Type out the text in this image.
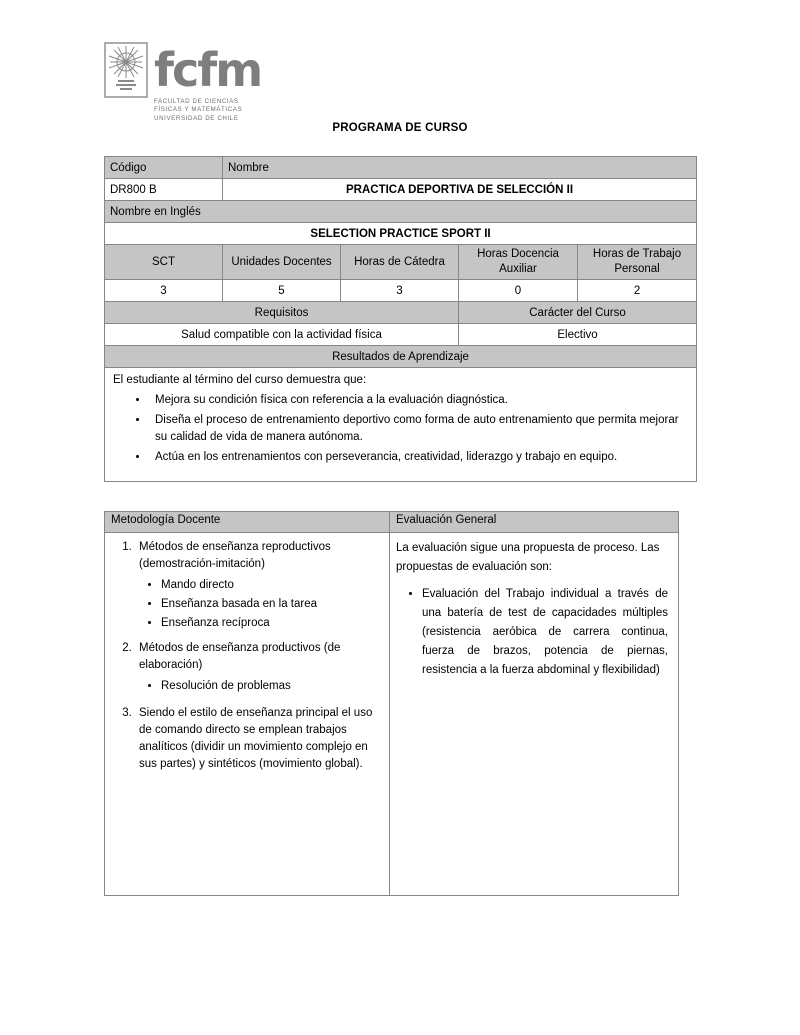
fcfm
FACULTAD DE CIENCIAS
FÍSICAS Y MATEMÁTICAS
UNIVERSIDAD DE CHILE
PROGRAMA DE CURSO
Código	Nombre			
DR800 B	PRACTICA DEPORTIVA DE SELECCIÓN II			
Nombre en Inglés				
SELECTION PRACTICE SPORT II				
SCT	Unidades Docentes	Horas de Cátedra	Horas Docencia Auxiliar	Horas de Trabajo Personal
3	5	3	0	2
Requisitos			Carácter del Curso	
Salud compatible con la actividad física			Electivo	
Resultados de Aprendizaje				

El estudiante al término del curso demuestra que:

• Mejora su condición física con referencia a la evaluación diagnóstica.
• Diseña el proceso de entrenamiento deportivo como forma de auto entrenamiento que permita mejorar su calidad de vida de manera autónoma.
• Actúa en los entrenamientos con perseverancia, creatividad, liderazgo y trabajo en equipo.
Metodología Docente	Evaluación General

1. Métodos de enseñanza reproductivos (demostración-imitación)
• Mando directo
• Enseñanza basada en la tarea
• Enseñanza recíproca
2. Métodos de enseñanza productivos (de elaboración)
• Resolución de problemas
3. Siendo el estilo de enseñanza principal el uso de comando directo se emplean trabajos analíticos (dividir un movimiento complejo en sus partes) y sintéticos (movimiento global).

La evaluación sigue una propuesta de proceso. Las propuestas de evaluación son:

• Evaluación del Trabajo individual a través de una batería de test de capacidades múltiples (resistencia aeróbica de carrera continua, fuerza de brazos, potencia de piernas, resistencia a la fuerza abdominal y flexibilidad)
